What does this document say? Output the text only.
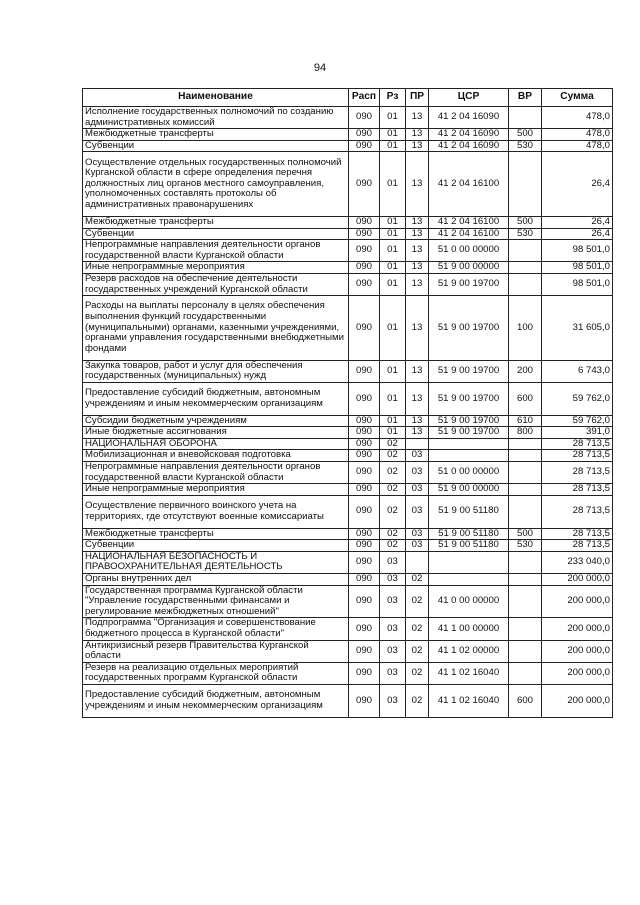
94
Наименование	Расп	Рз	ПР	ЦСР	ВР	Сумма
Исполнение государственных полномочий по созданию административных комиссий	090	01	13	41 2 04 16090		478,0
Межбюджетные трансферты	090	01	13	41 2 04 16090	500	478,0
Субвенции	090	01	13	41 2 04 16090	530	478,0
Осуществление отдельных государственных полномочий Курганской области в сфере определения перечня должностных лиц органов местного самоуправления, уполномоченных составлять протоколы об административных правонарушениях	090	01	13	41 2 04 16100		26,4
Межбюджетные трансферты	090	01	13	41 2 04 16100	500	26,4
Субвенции	090	01	13	41 2 04 16100	530	26,4
Непрограммные направления деятельности органов государственной власти Курганской области	090	01	13	51 0 00 00000		98 501,0
Иные непрограммные мероприятия	090	01	13	51 9 00 00000		98 501,0
Резерв расходов на обеспечение деятельности государственных учреждений Курганской области	090	01	13	51 9 00 19700		98 501,0
Расходы на выплаты персоналу в целях обеспечения выполнения функций государственными (муниципальными) органами, казенными учреждениями, органами управления государственными внебюджетными фондами	090	01	13	51 9 00 19700	100	31 605,0
Закупка товаров, работ и услуг для обеспечения государственных (муниципальных) нужд	090	01	13	51 9 00 19700	200	6 743,0
Предоставление субсидий бюджетным, автономным учреждениям и иным некоммерческим организациям	090	01	13	51 9 00 19700	600	59 762,0
Субсидии бюджетным учреждениям	090	01	13	51 9 00 19700	610	59 762,0
Иные бюджетные ассигнования	090	01	13	51 9 00 19700	800	391,0
НАЦИОНАЛЬНАЯ ОБОРОНА	090	02				28 713,5
Мобилизационная и вневойсковая подготовка	090	02	03			28 713,5
Непрограммные направления деятельности органов государственной власти Курганской области	090	02	03	51 0 00 00000		28 713,5
Иные непрограммные мероприятия	090	02	03	51 9 00 00000		28 713,5
Осуществление первичного воинского учета на территориях, где отсутствуют военные комиссариаты	090	02	03	51 9 00 51180		28 713,5
Межбюджетные трансферты	090	02	03	51 9 00 51180	500	28 713,5
Субвенции	090	02	03	51 9 00 51180	530	28 713,5
НАЦИОНАЛЬНАЯ БЕЗОПАСНОСТЬ И ПРАВООХРАНИТЕЛЬНАЯ ДЕЯТЕЛЬНОСТЬ	090	03				233 040,0
Органы внутренних дел	090	03	02			200 000,0
Государственная программа Курганской области "Управление государственными финансами и регулирование межбюджетных отношений"	090	03	02	41 0 00 00000		200 000,0
Подпрограмма "Организация и совершенствование бюджетного процесса в Курганской области"	090	03	02	41 1 00 00000		200 000,0
Антикризисный резерв Правительства Курганской области	090	03	02	41 1 02 00000		200 000,0
Резерв на реализацию отдельных мероприятий государственных программ Курганской области	090	03	02	41 1 02 16040		200 000,0
Предоставление субсидий бюджетным, автономным учреждениям и иным некоммерческим организациям	090	03	02	41 1 02 16040	600	200 000,0
